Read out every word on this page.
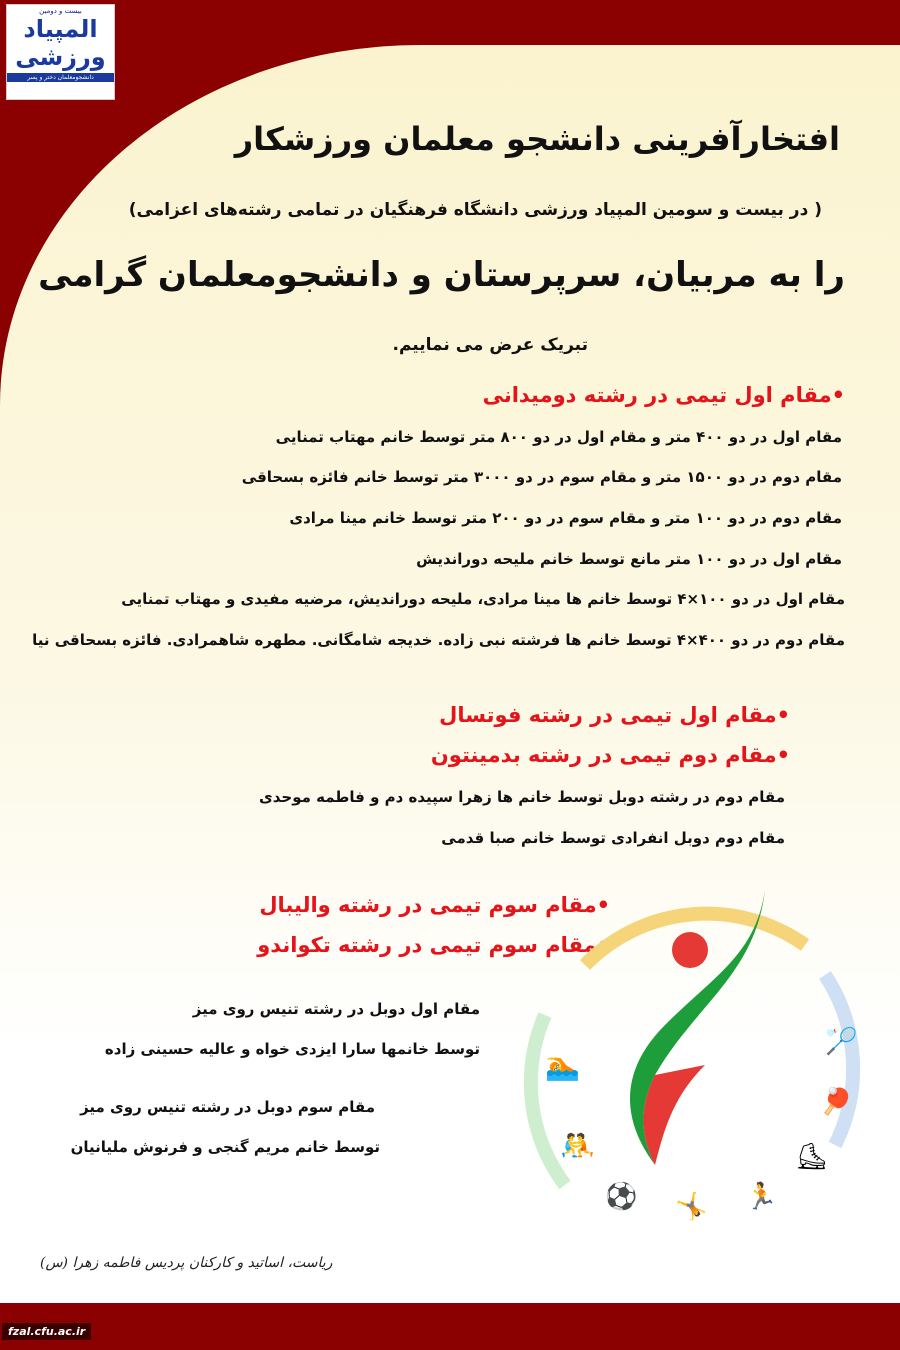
بیست و دومین
المپیاد
ورزشی
دانشجومعلمان دختر و پسر
افتخارآفرینی دانشجو معلمان ورزشکار
( در بیست و سومین المپیاد ورزشی دانشگاه فرهنگیان در تمامی رشته‌های اعزامی)
را به مربیان، سرپرستان و دانشجومعلمان گرامی
تبریک عرض می نماییم.
•مقام اول تیمی در رشته دومیدانی
مقام اول در دو ۴۰۰ متر و مقام اول در دو ۸۰۰ متر توسط خانم مهتاب تمنایی
مقام دوم در دو ۱۵۰۰ متر و مقام سوم در دو ۳۰۰۰ متر توسط خانم فائزه بسحاقی
مقام دوم در دو ۱۰۰ متر و مقام سوم در دو ۲۰۰ متر توسط خانم مینا مرادی
مقام اول در دو ۱۰۰ متر مانع توسط خانم ملیحه دوراندیش
مقام اول در دو ۱۰۰×۴ توسط خانم ها مینا مرادی، ملیحه دوراندیش، مرضیه مفیدی و مهتاب تمنایی
مقام دوم در دو ۴۰۰×۴ توسط خانم ها فرشته نبی زاده. خدیجه شامگانی. مطهره شاهمرادی. فائزه بسحاقی نیا
•مقام اول تیمی در رشته فوتسال
•مقام دوم تیمی در رشته بدمینتون
مقام دوم در رشته دوبل توسط خانم ها زهرا سپیده دم و فاطمه موحدی
مقام دوم دوبل انفرادی توسط خانم صبا قدمی
•مقام سوم تیمی در رشته والیبال
•مقام سوم تیمی در رشته تکواندو
مقام اول دوبل در رشته تنیس روی میز
توسط خانمها سارا ایزدی خواه و عالیه حسینی زاده
مقام سوم دوبل در رشته تنیس روی میز
توسط خانم مریم گنجی و فرنوش ملیانیان
🏊
🤼
⚽ 🤸 🏃
⛸
🏓
🏸
ریاست، اساتید و کارکنان پردیس فاطمه زهرا (س)
fzal.cfu.ac.ir
